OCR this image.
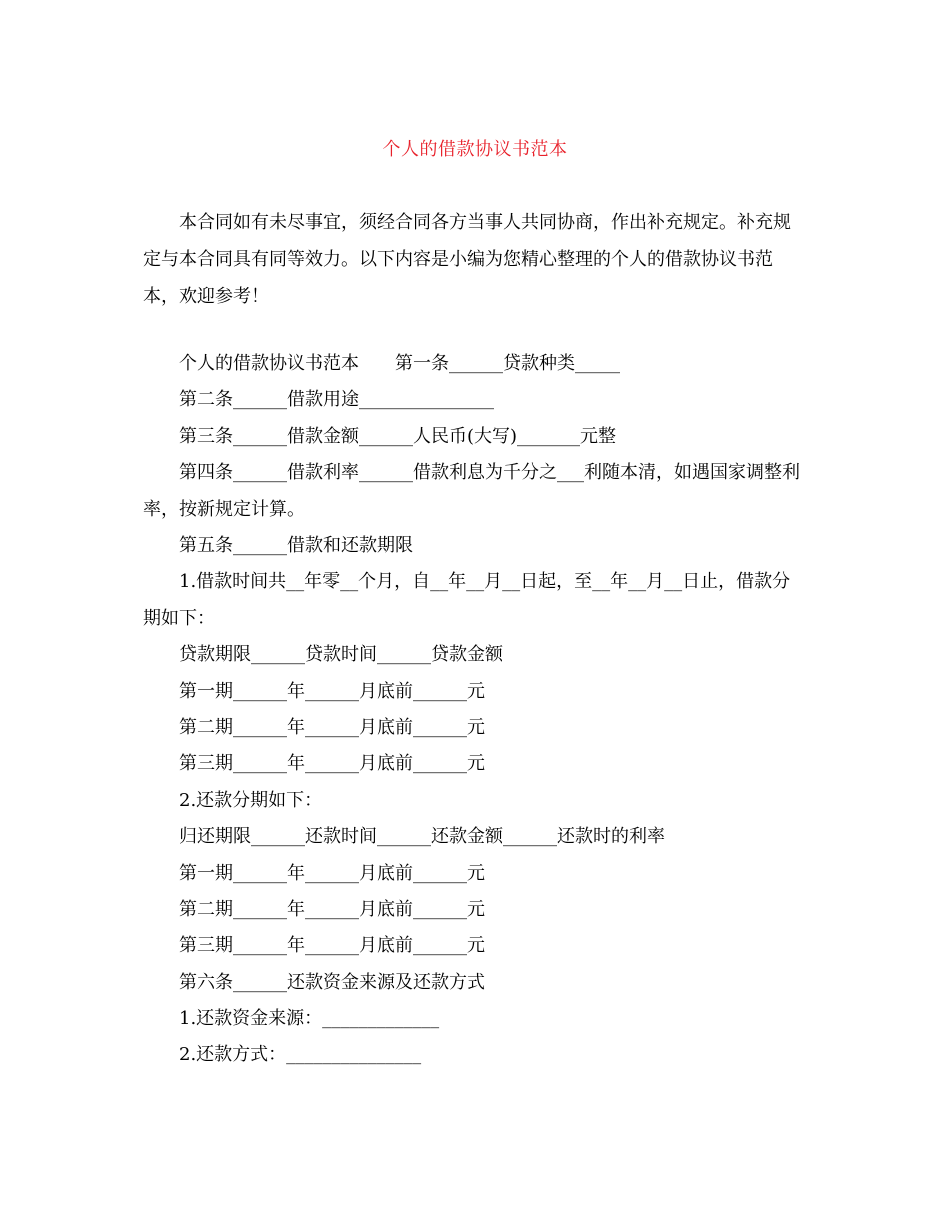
个人的借款协议书范本
本合同如有未尽事宜，须经合同各方当事人共同协商，作出补充规定。补充规定与本合同具有同等效力。以下内容是小编为您精心整理的个人的借款协议书范本，欢迎参考！
个人的借款协议书范本　　第一条______贷款种类_____
第二条______借款用途_______________
第三条______借款金额______人民币(大写)_______元整
第四条______借款利率______借款利息为千分之___利随本清，如遇国家调整利率，按新规定计算。
第五条______借款和还款期限
1.借款时间共__年零__个月，自__年__月__日起，至__年__月__日止，借款分期如下：
贷款期限______贷款时间______贷款金额
第一期______年______月底前______元
第二期______年______月底前______元
第三期______年______月底前______元
2.还款分期如下：
归还期限______还款时间______还款金额______还款时的利率
第一期______年______月底前______元
第二期______年______月底前______元
第三期______年______月底前______元
第六条______还款资金来源及还款方式
1.还款资金来源：_____________
2.还款方式：_______________
